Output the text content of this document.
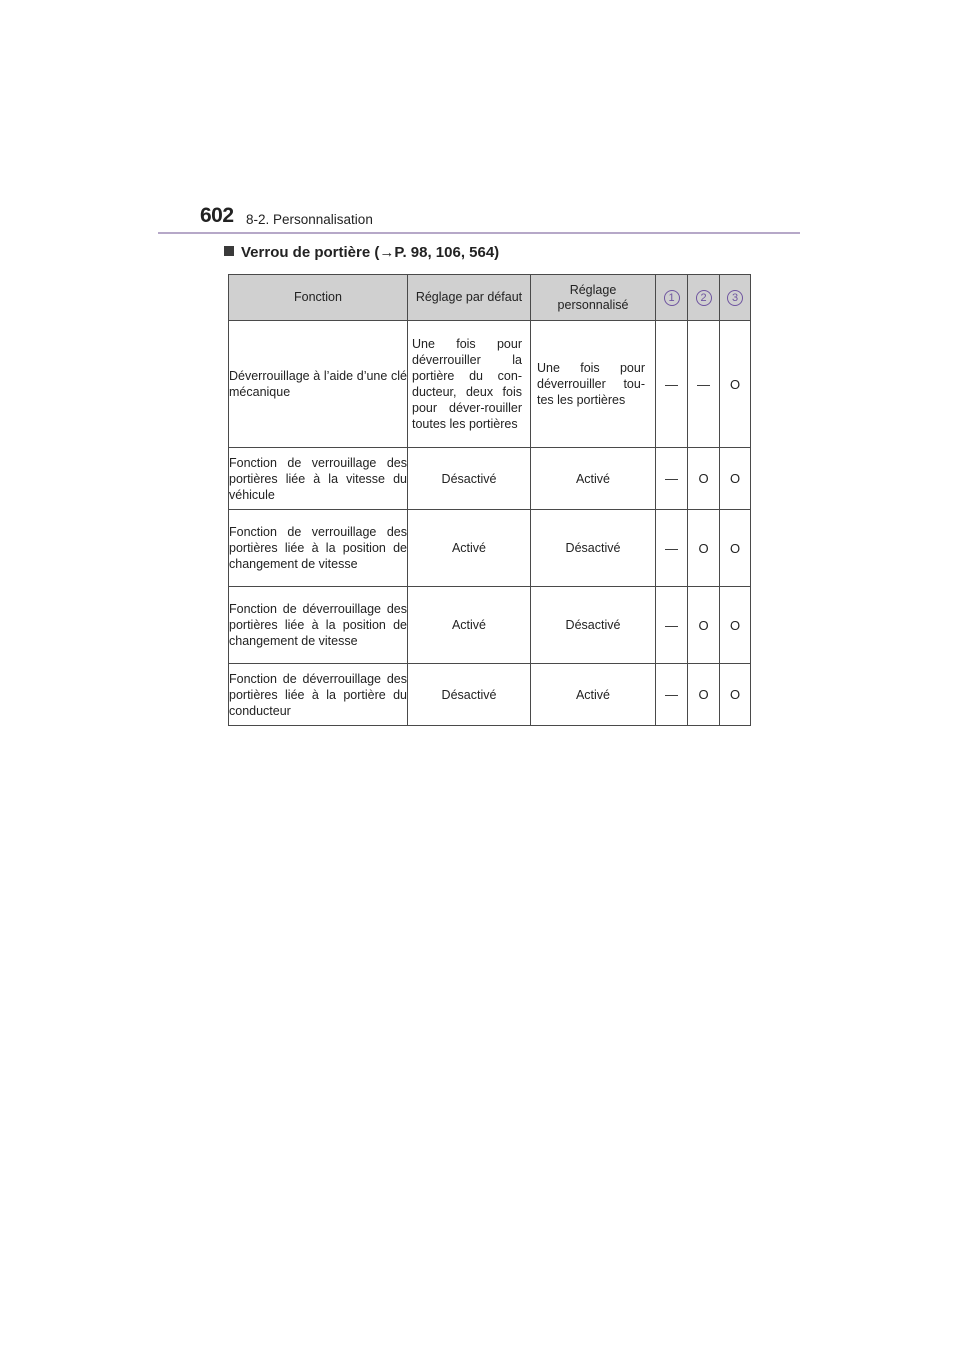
602 8-2. Personnalisation
Verrou de portière (→P. 98, 106, 564)
Fonction	Réglage par défaut	Réglage personnalisé	1	2	3
Déverrouillage à l’aide d’une clé mécanique	Une fois pour déverrouiller la portière du con-ducteur, deux fois pour déver-rouiller toutes les portières	Une fois pour déverrouiller tou-tes les portières	—	—	O
Fonction de verrouillage des portières liée à la vitesse du véhicule	Désactivé	Activé	—	O	O
Fonction de verrouillage des portières liée à la position de changement de vitesse	Activé	Désactivé	—	O	O
Fonction de déverrouillage des portières liée à la position de changement de vitesse	Activé	Désactivé	—	O	O
Fonction de déverrouillage des portières liée à la portière du conducteur	Désactivé	Activé	—	O	O
